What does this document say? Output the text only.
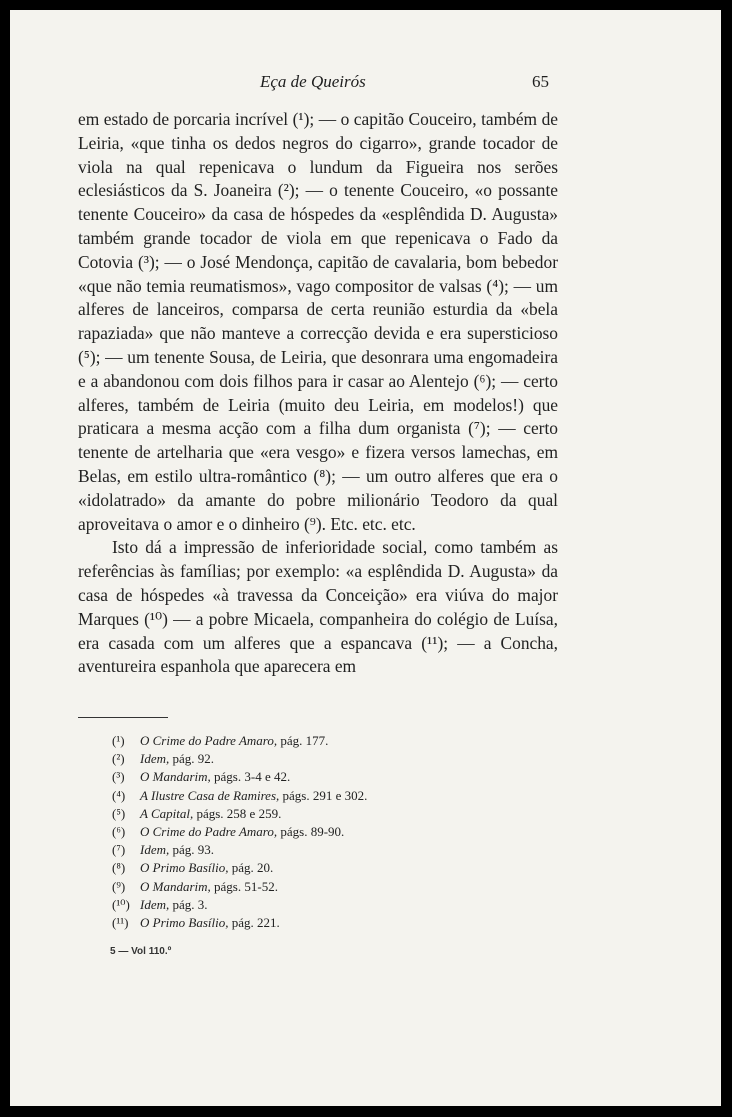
Eça de Queirós	65

em estado de porcaria incrível (¹); — o capitão Couceiro, também de Leiria, «que tinha os dedos negros do cigarro», grande tocador de viola na qual repenicava o lundum da Figueira nos serões eclesiásticos da S. Joaneira (²); — o tenente Couceiro, «o possante tenente Couceiro» da casa de hóspedes da «esplêndida D. Augusta» também grande tocador de viola em que repenicava o Fado da Cotovia (³); — o José Mendonça, capitão de cavalaria, bom bebedor «que não temia reumatismos», vago compositor de valsas (⁴); — um alferes de lanceiros, comparsa de certa reunião esturdia da «bela rapaziada» que não manteve a correcção devida e era supersticioso (⁵); — um tenente Sousa, de Leiria, que desonrara uma engomadeira e a abandonou com dois filhos para ir casar ao Alentejo (⁶); — certo alferes, também de Leiria (muito deu Leiria, em modelos!) que praticara a mesma acção com a filha dum organista (⁷); — certo tenente de artelharia que «era vesgo» e fizera versos lamechas, em Belas, em estilo ultra-romântico (⁸); — um outro alferes que era o «idolatrado» da amante do pobre milionário Teodoro da qual aproveitava o amor e o dinheiro (⁹). Etc. etc. etc.

Isto dá a impressão de inferioridade social, como também as referências às famílias; por exemplo: «a esplêndida D. Augusta» da casa de hóspedes «à travessa da Conceição» era viúva do major Marques (¹⁰) — a pobre Micaela, companheira do colégio de Luísa, era casada com um alferes que a espancava (¹¹); — a Concha, aventureira espanhola que aparecera em

(¹)	O Crime do Padre Amaro, pág. 177.
(²)	Idem, pág. 92.
(³)	O Mandarim, págs. 3-4 e 42.
(⁴)	A Ilustre Casa de Ramires, págs. 291 e 302.
(⁵)	A Capital, págs. 258 e 259.
(⁶)	O Crime do Padre Amaro, págs. 89-90.
(⁷)	Idem, pág. 93.
(⁸)	O Primo Basílio, pág. 20.
(⁹)	O Mandarim, págs. 51-52.
(¹⁰) Idem, pág. 3.
(¹¹) O Primo Basílio, pág. 221.
5 — Vol 110.º
